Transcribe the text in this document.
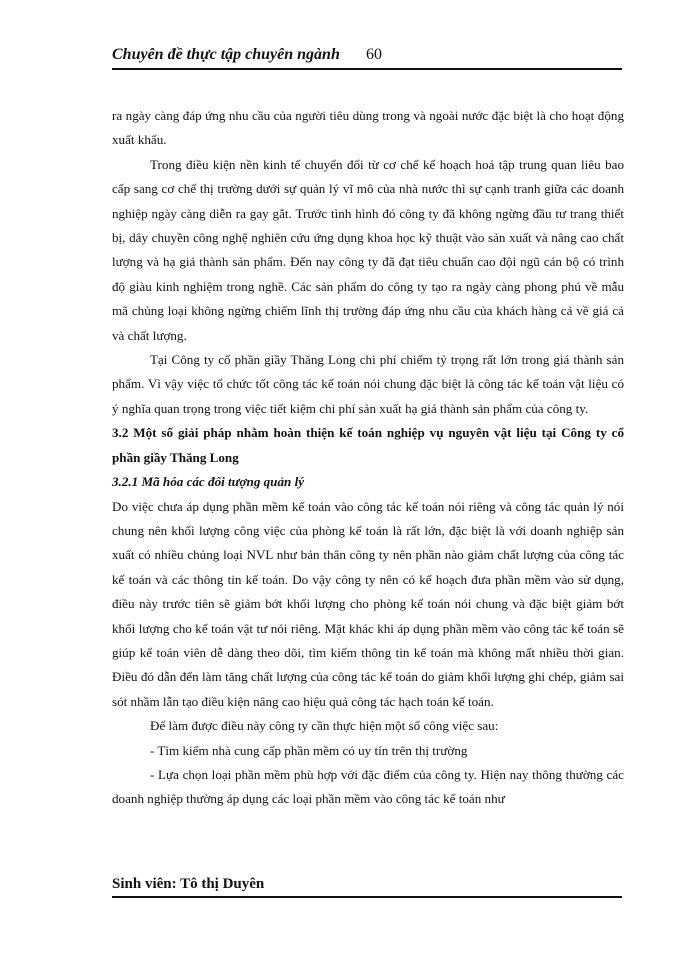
Chuyên đề thực tập chuyên ngành 60

ra ngày càng đáp ứng nhu cầu của người tiêu dùng trong và ngoài nước đặc biệt là cho hoạt động xuất khẩu.

Trong điều kiện nền kinh tế chuyển đổi từ cơ chế kế hoạch hoá tập trung quan liêu bao cấp sang cơ chế thị trường dưới sự quản lý vĩ mô của nhà nước thì sự cạnh tranh giữa các doanh nghiệp ngày càng diễn ra gay gắt. Trước tình hình đó công ty đã không ngừng đầu tư trang thiết bị, dây chuyền công nghệ nghiên cứu ứng dụng khoa học kỹ thuật vào sản xuất và nâng cao chất lượng và hạ giá thành sản phẩm. Đến nay công ty đã đạt tiêu chuẩn cao đội ngũ cán bộ có trình độ giàu kinh nghiệm trong nghề. Các sản phẩm do công ty tạo ra ngày càng phong phú về mẫu mã chủng loại không ngừng chiếm lĩnh thị trường đáp ứng nhu cầu của khách hàng cả về giá cả và chất lượng.

Tại Công ty cổ phần giầy Thăng Long chi phí chiếm tỷ trọng rất lớn trong giá thành sản phẩm. Vì vậy việc tổ chức tốt công tác kế toán nói chung đặc biệt là công tác kế toán vật liệu có ý nghĩa quan trọng trong việc tiết kiệm chi phí sản xuất hạ giá thành sản phẩm của công ty.

3.2 Một số giải pháp nhằm hoàn thiện kế toán nghiệp vụ nguyên vật liệu tại Công ty cổ phần giầy Thăng Long

3.2.1 Mã hóa các đối tượng quản lý

Do việc chưa áp dụng phần mềm kế toán vào công tác kế toán nói riêng và công tác quản lý nói chung nên khối lượng công việc của phòng kế toán là rất lớn, đặc biệt là với doanh nghiệp sản xuất có nhiều chủng loại NVL như bản thân công ty nên phần nào giảm chất lượng của công tác kế toán và các thông tin kế toán. Do vậy công ty nên có kế hoạch đưa phần mềm vào sử dụng, điều này trước tiên sẽ giảm bớt khối lượng cho phòng kế toán nói chung và đặc biệt giảm bớt khối lượng cho kế toán vật tư nói riêng. Mặt khác khi áp dụng phần mềm vào công tác kế toán sẽ giúp kế toán viên dễ dàng theo dõi, tìm kiếm thông tin kế toán mà không mất nhiều thời gian. Điều đó dẫn đến làm tăng chất lượng của công tác kế toán do giảm khối lượng ghi chép, giảm sai sót nhầm lẫn tạo điều kiện nâng cao hiệu quả công tác hạch toán kế toán.

Để làm được điều này công ty cần thực hiện một số công việc sau:

- Tìm kiếm nhà cung cấp phần mềm có uy tín trên thị trường

- Lựa chọn loại phần mềm phù hợp với đặc điểm của công ty. Hiện nay thông thường các doanh nghiệp thường áp dụng các loại phần mềm vào công tác kế toán như

Sinh viên: Tô thị Duyên
